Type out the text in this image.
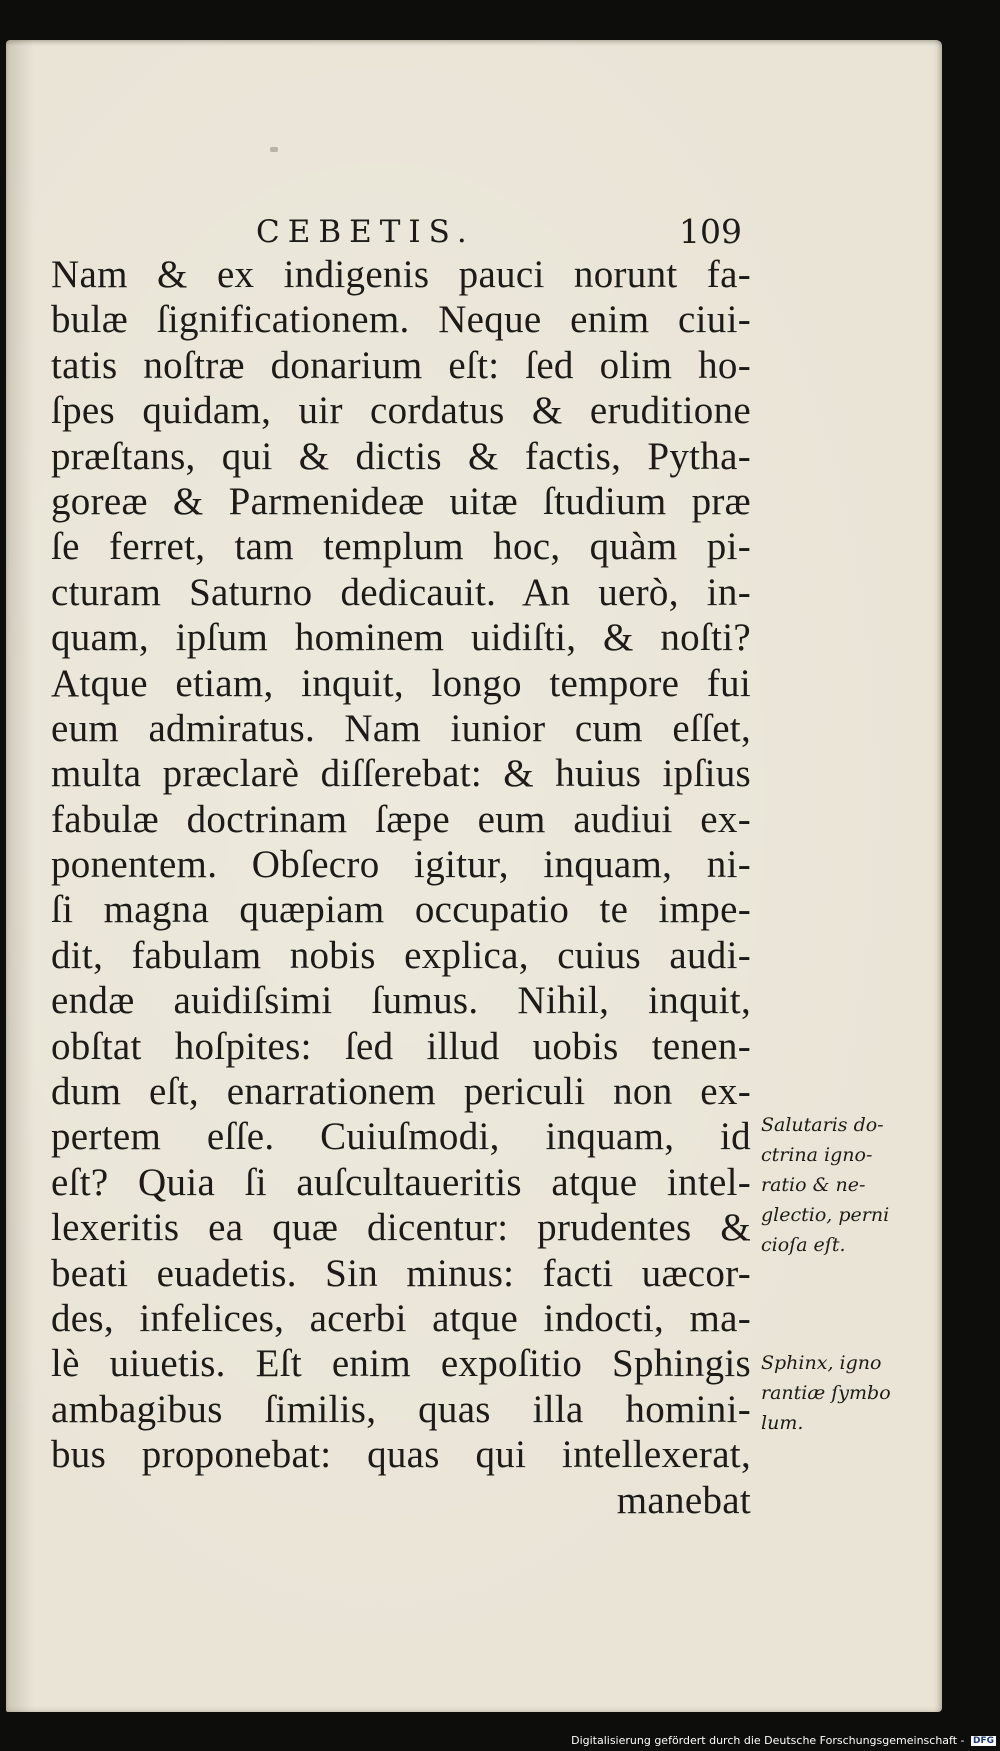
CEBETIS.	109
Nam & ex indigenis pauci norunt fa-
bulæ ſignificationem. Neque enim ciui-
tatis noſtræ donarium eſt: ſed olim ho-
ſpes quidam, uir cordatus & eruditione
præſtans, qui & dictis & factis, Pytha-
goreæ & Parmenideæ uitæ ſtudium præ
ſe ferret, tam templum hoc, quàm pi-
cturam Saturno dedicauit. An uerò, in-
quam, ipſum hominem uidiſti, & noſti?
Atque etiam, inquit, longo tempore fui
eum admiratus. Nam iunior cum eſſet,
multa præclarè diſſerebat: & huius ipſius
fabulæ doctrinam ſæpe eum audiui ex-
ponentem. Obſecro igitur, inquam, ni-
ſi magna quæpiam occupatio te impe-
dit, fabulam nobis explica, cuius audi-
endæ auidiſsimi ſumus. Nihil, inquit,
obſtat hoſpites: ſed illud uobis tenen-
dum eſt, enarrationem periculi non ex-
pertem eſſe. Cuiuſmodi, inquam, id
eſt? Quia ſi auſcultaueritis atque intel-
lexeritis ea quæ dicentur: prudentes &
beati euadetis. Sin minus: facti uæcor-
des, infelices, acerbi atque indocti, ma-
lè uiuetis. Eſt enim expoſitio Sphingis
ambagibus ſimilis, quas illa homini-
bus proponebat: quas qui intellexerat,
manebat
Salutaris do-
ctrina igno-
ratio & ne-
glectio, perni
cioſa eſt.
Sphinx, igno
rantiæ ſymbo
lum.
Digitalisierung gefördert durch die Deutsche Forschungsgemeinschaft - DFG
